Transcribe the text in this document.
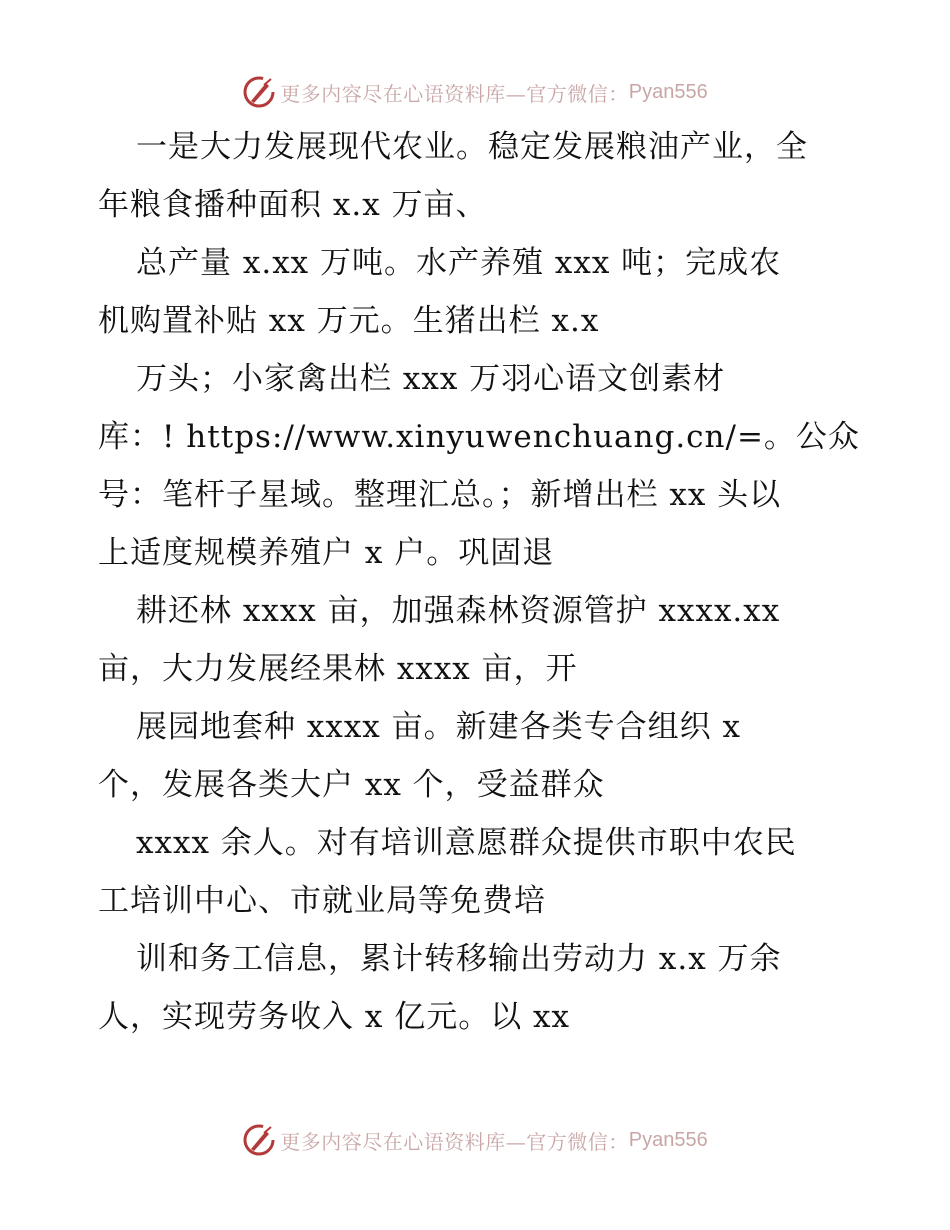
更多内容尽在心语资料库—官方微信： Pyan556
一是大力发展现代农业。稳定发展粮油产业，全
年粮食播种面积 x.x 万亩、
总产量 x.xx 万吨。水产养殖 xxx 吨；完成农
机购置补贴 xx 万元。生猪出栏 x.x
万头；小家禽出栏 xxx 万羽心语文创素材
库：! https://www.xinyuwenchuang.cn/=。公众
号：笔杆子星域。整理汇总。；新增出栏 xx 头以
上适度规模养殖户 x 户。巩固退
耕还林 xxxx 亩，加强森林资源管护 xxxx.xx
亩，大力发展经果林 xxxx 亩，开
展园地套种 xxxx 亩。新建各类专合组织 x
个，发展各类大户 xx 个，受益群众
xxxx 余人。对有培训意愿群众提供市职中农民
工培训中心、市就业局等免费培
训和务工信息，累计转移输出劳动力 x.x 万余
人，实现劳务收入 x 亿元。以 xx
更多内容尽在心语资料库—官方微信： Pyan556
